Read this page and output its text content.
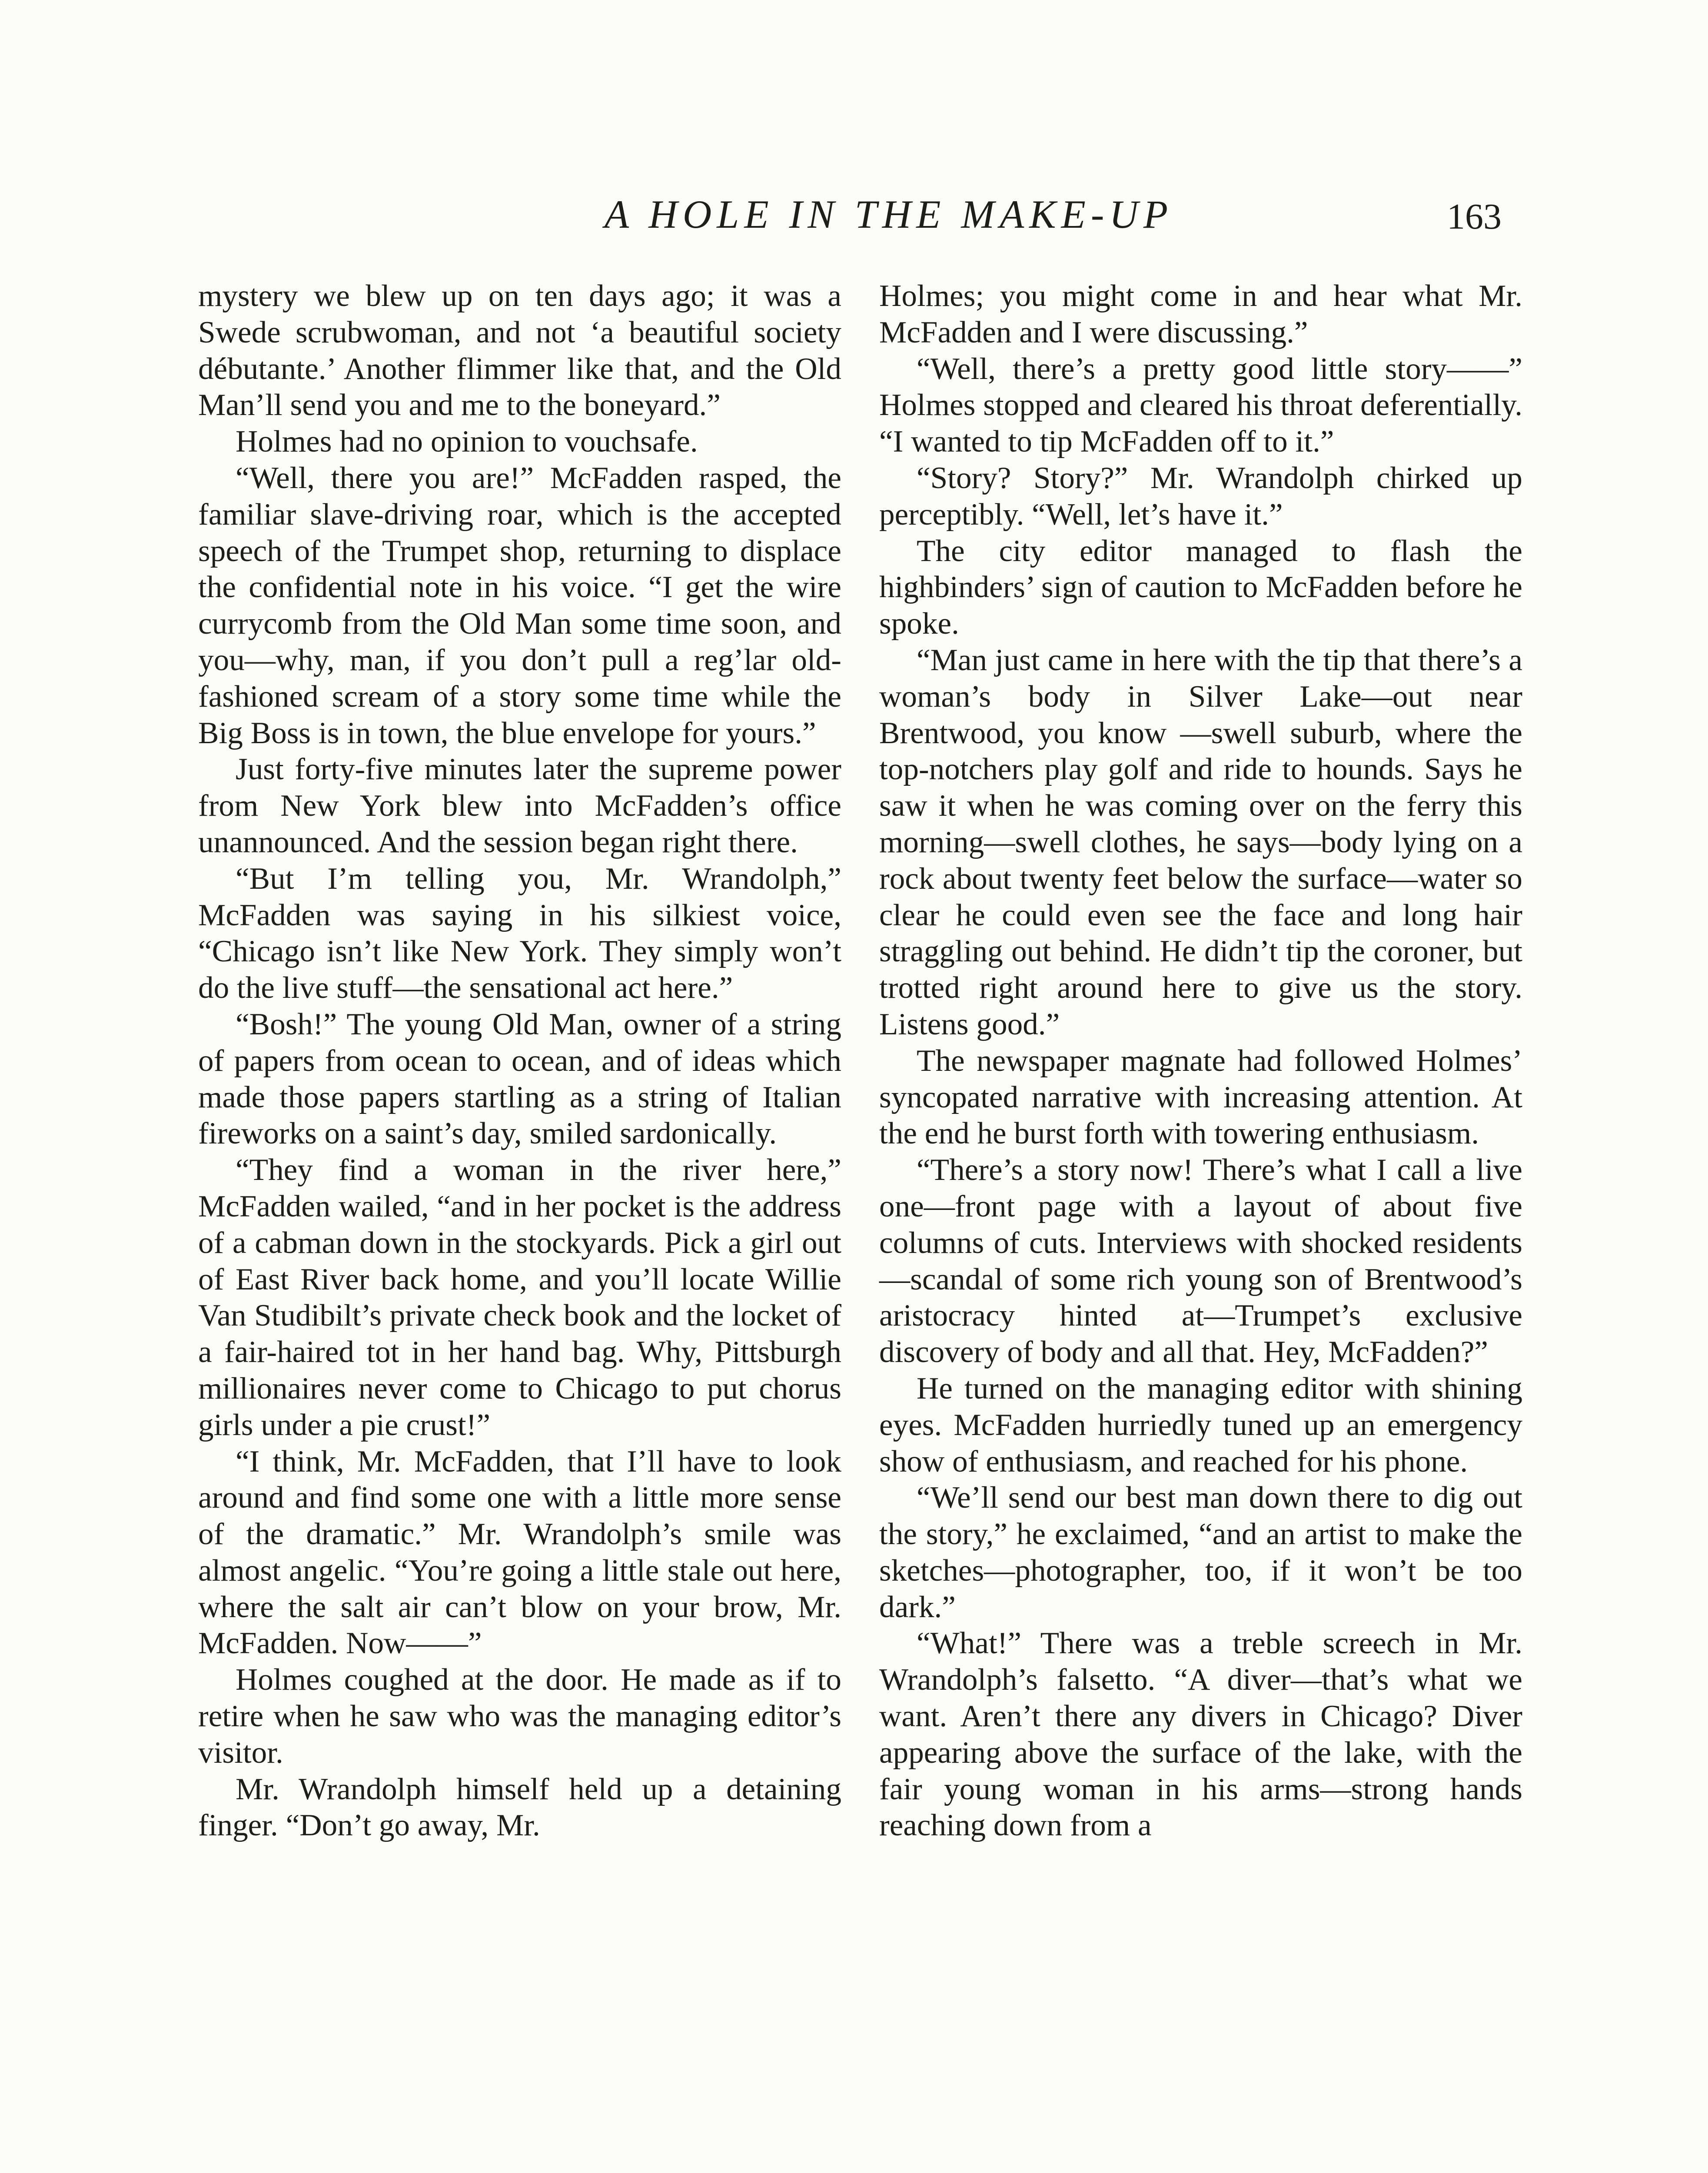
A HOLE IN THE MAKE-UP	163

mystery we blew up on ten days ago; it was a Swede scrubwoman, and not ‘a beautiful society débutante.’ Another flimmer like that, and the Old Man’ll send you and me to the boneyard.”

Holmes had no opinion to vouchsafe.

“Well, there you are!” McFadden rasped, the familiar slave-driving roar, which is the accepted speech of the Trumpet shop, returning to displace the confidential note in his voice. “I get the wire currycomb from the Old Man some time soon, and you—why, man, if you don’t pull a reg’lar old-fashioned scream of a story some time while the Big Boss is in town, the blue envelope for yours.”

Just forty-five minutes later the supreme power from New York blew into McFadden’s office unannounced. And the session began right there.

“But I’m telling you, Mr. Wrandolph,” McFadden was saying in his silkiest voice, “Chicago isn’t like New York. They simply won’t do the live stuff—the sensational act here.”

“Bosh!” The young Old Man, owner of a string of papers from ocean to ocean, and of ideas which made those papers startling as a string of Italian fireworks on a saint’s day, smiled sardonically.

“They find a woman in the river here,” McFadden wailed, “and in her pocket is the address of a cabman down in the stockyards. Pick a girl out of East River back home, and you’ll locate Willie Van Studibilt’s private check book and the locket of a fair-haired tot in her hand bag. Why, Pittsburgh millionaires never come to Chicago to put chorus girls under a pie crust!”

“I think, Mr. McFadden, that I’ll have to look around and find some one with a little more sense of the dramatic.” Mr. Wrandolph’s smile was almost angelic. “You’re going a little stale out here, where the salt air can’t blow on your brow, Mr. McFadden. Now——”

Holmes coughed at the door. He made as if to retire when he saw who was the managing editor’s visitor.

Mr. Wrandolph himself held up a detaining finger. “Don’t go away, Mr.

Holmes; you might come in and hear what Mr. McFadden and I were discussing.”

“Well, there’s a pretty good little story——” Holmes stopped and cleared his throat deferentially. “I wanted to tip McFadden off to it.”

“Story? Story?” Mr. Wrandolph chirked up perceptibly. “Well, let’s have it.”

The city editor managed to flash the highbinders’ sign of caution to McFadden before he spoke.

“Man just came in here with the tip that there’s a woman’s body in Silver Lake—out near Brentwood, you know —swell suburb, where the top-notchers play golf and ride to hounds. Says he saw it when he was coming over on the ferry this morning—swell clothes, he says—body lying on a rock about twenty feet below the surface—water so clear he could even see the face and long hair straggling out behind. He didn’t tip the coroner, but trotted right around here to give us the story. Listens good.”

The newspaper magnate had followed Holmes’ syncopated narrative with increasing attention. At the end he burst forth with towering enthusiasm.

“There’s a story now! There’s what I call a live one—front page with a layout of about five columns of cuts. Interviews with shocked residents—scandal of some rich young son of Brentwood’s aristocracy hinted at—Trumpet’s exclusive discovery of body and all that. Hey, McFadden?”

He turned on the managing editor with shining eyes. McFadden hurriedly tuned up an emergency show of enthusiasm, and reached for his phone.

“We’ll send our best man down there to dig out the story,” he exclaimed, “and an artist to make the sketches—photographer, too, if it won’t be too dark.”

“What!” There was a treble screech in Mr. Wrandolph’s falsetto. “A diver—that’s what we want. Aren’t there any divers in Chicago? Diver appearing above the surface of the lake, with the fair young woman in his arms—strong hands reaching down from a
